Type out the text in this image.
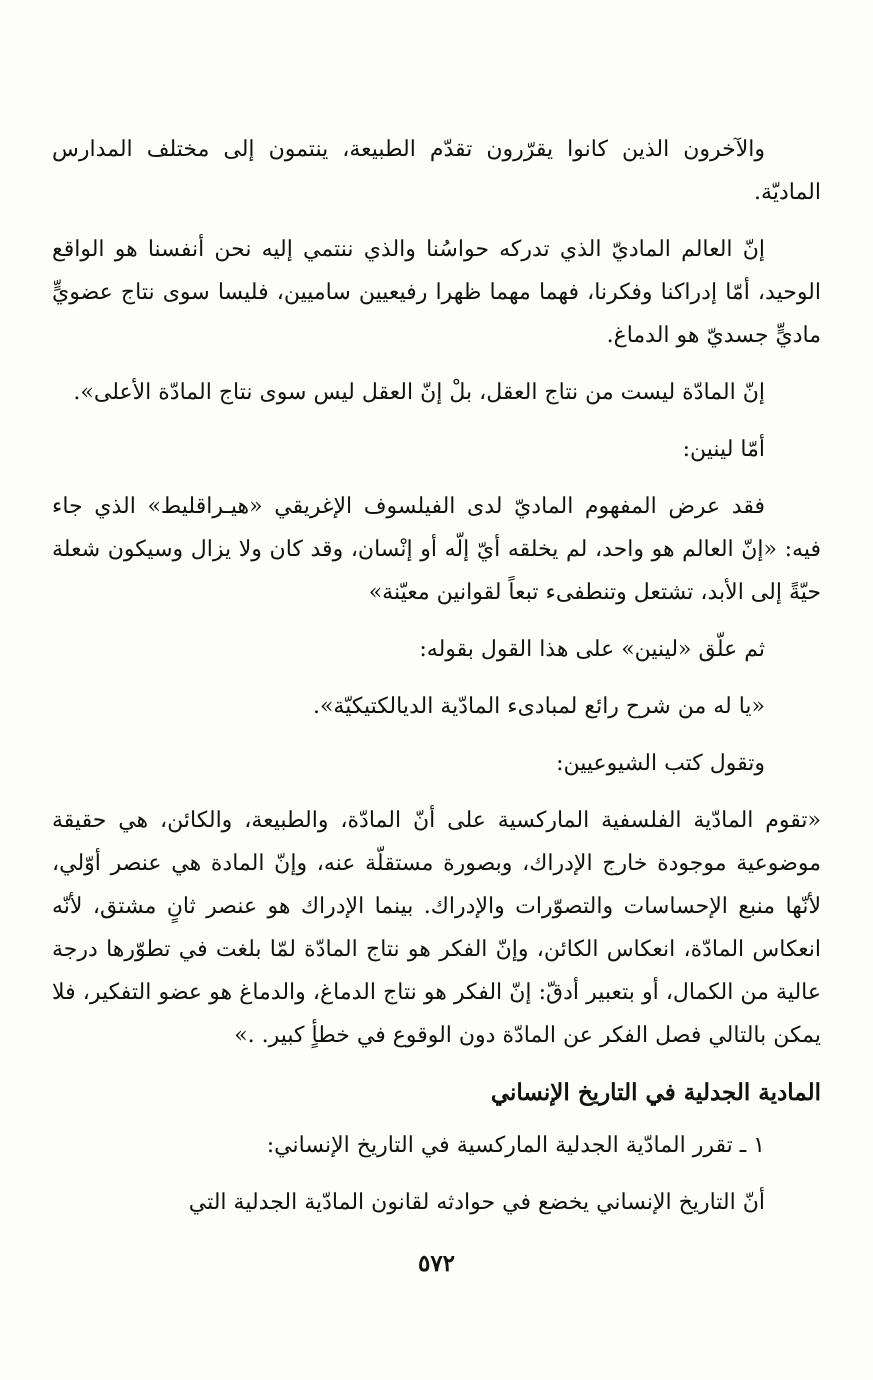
والآخرون الذين كانوا يقرّرون تقدّم الطبيعة، ينتمون إلى مختلف المدارس الماديّة.

إنّ العالم الماديّ الذي تدركه حواسُنا والذي ننتمي إليه نحن أنفسنا هو الواقع الوحيد، أمّا إدراكنا وفكرنا، فهما مهما ظهرا رفيعيين ساميين، فليسا سوى نتاج عضويٍّ ماديٍّ جسديّ هو الدماغ.

إنّ المادّة ليست من نتاج العقل، بلْ إنّ العقل ليس سوى نتاج المادّة الأعلى».

أمّا لينين:

فقد عرض المفهوم الماديّ لدى الفيلسوف الإغريقي «هيـراقليط» الذي جاء فيه: «إنّ العالم هو واحد، لم يخلقه أيّ إلّه أو إنْسان، وقد كان ولا يزال وسيكون شعلة حيّةً إلى الأبد، تشتعل وتنطفىء تبعاً لقوانين معيّنة»

ثم علّق «لينين» على هذا القول بقوله:

«يا له من شرح رائع لمبادىء المادّية الديالكتيكيّة».

وتقول كتب الشيوعيين:

«تقوم المادّية الفلسفية الماركسية على أنّ المادّة، والطبيعة، والكائن، هي حقيقة موضوعية موجودة خارج الإدراك، وبصورة مستقلّة عنه، وإنّ المادة هي عنصر أوّلي، لأنّها منبع الإحساسات والتصوّرات والإدراك. بينما الإدراك هو عنصر ثانٍ مشتق، لأنّه انعكاس المادّة، انعكاس الكائن، وإنّ الفكر هو نتاج المادّة لمّا بلغت في تطوّرها درجة عالية من الكمال، أو بتعبير أدقّ: إنّ الفكر هو نتاج الدماغ، والدماغ هو عضو التفكير، فلا يمكن بالتالي فصل الفكر عن المادّة دون الوقوع في خطأٍ كبير. .»

المادية الجدلية في التاريخ الإنساني

١ ـ تقرر المادّية الجدلية الماركسية في التاريخ الإنساني:

أنّ التاريخ الإنساني يخضع في حوادثه لقانون المادّية الجدلية التي

٥٧٢
